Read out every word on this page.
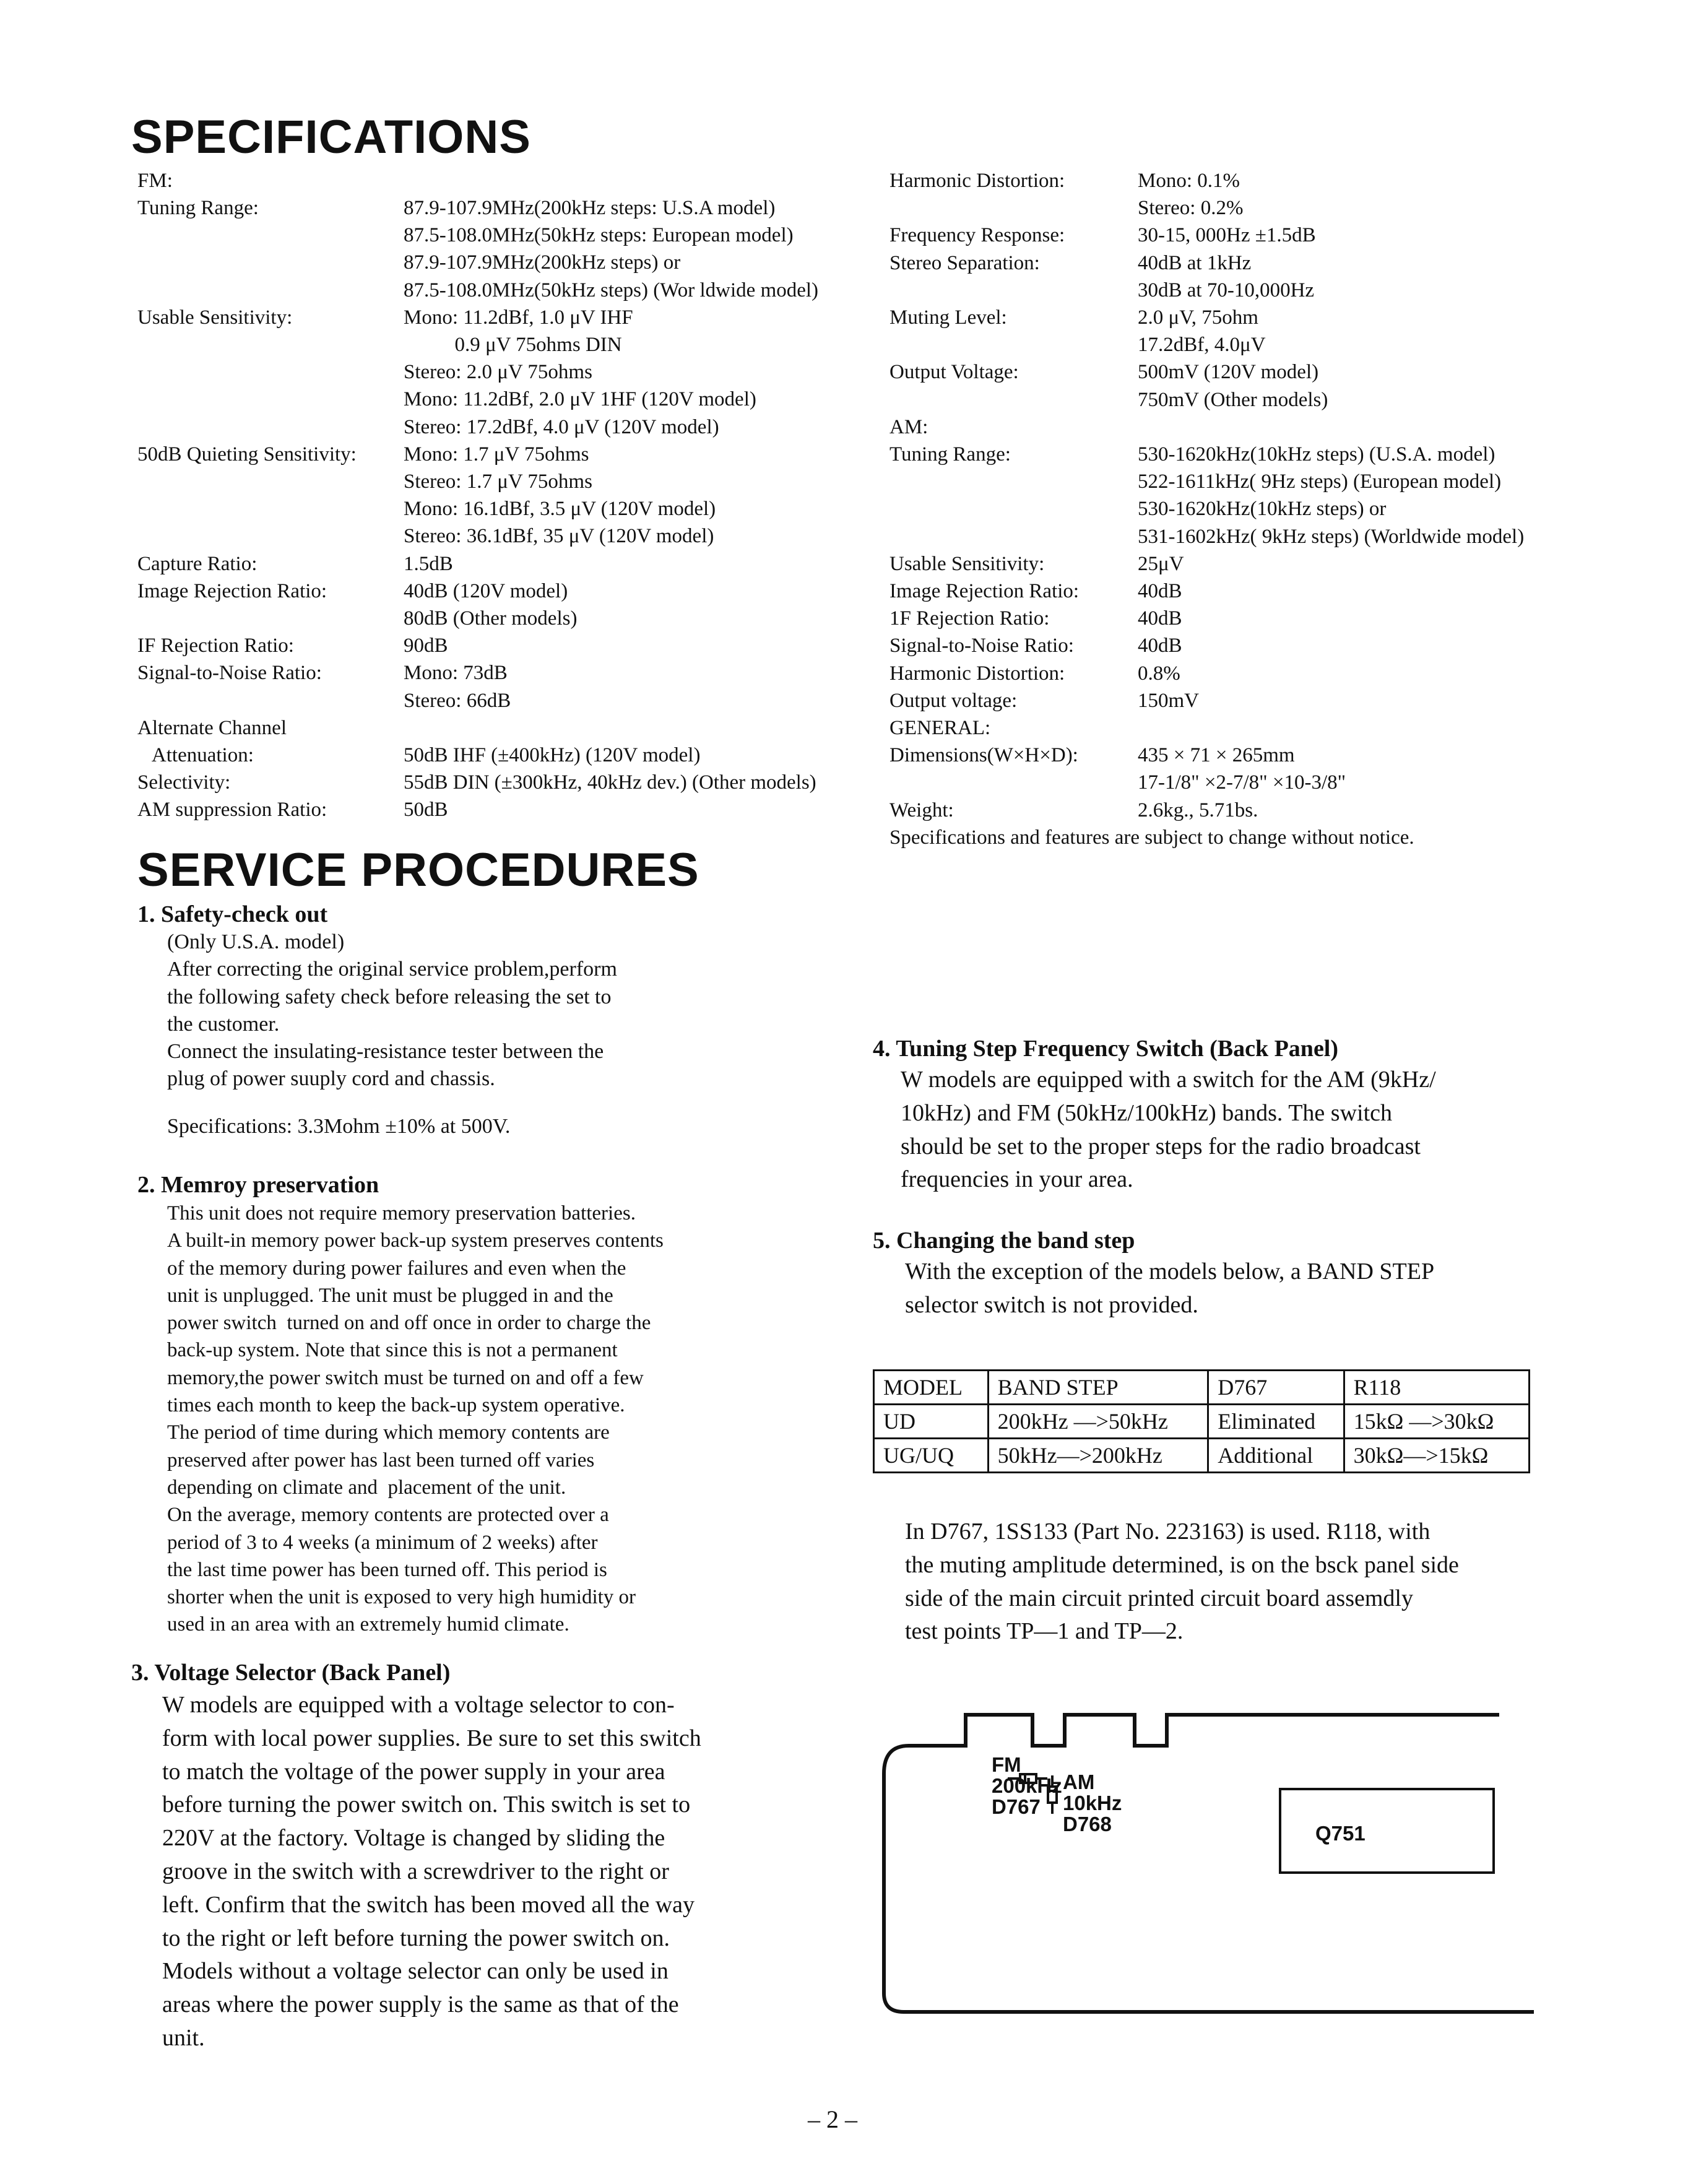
SPECIFICATIONS

FM:

Tuning Range:	87.9-107.9MHz(200kHz steps: U.S.A model)
87.5-108.0MHz(50kHz steps: European model)
87.9-107.9MHz(200kHz steps) or
87.5-108.0MHz(50kHz steps) (Wor ldwide model)
Usable Sensitivity:	Mono: 11.2dBf, 1.0 μV IHF
0.9 μV 75ohms DIN
Stereo: 2.0 μV 75ohms
Mono: 11.2dBf, 2.0 μV 1HF (120V model)
Stereo: 17.2dBf, 4.0 μV (120V model)
50dB Quieting Sensitivity: Mono: 1.7 μV 75ohms
Stereo: 1.7 μV 75ohms
Mono: 16.1dBf, 3.5 μV (120V model)
Stereo: 36.1dBf, 35 μV (120V model)
Capture Ratio:	1.5dB
Image Rejection Ratio:	40dB (120V model)
80dB (Other models)
IF Rejection Ratio:	90dB
Signal-to-Noise Ratio:	Mono: 73dB
Stereo: 66dB
Alternate Channel
Attenuation:	50dB IHF (±400kHz) (120V model)
Selectivity:	55dB DIN (±300kHz, 40kHz dev.) (Other models)
AM suppression Ratio:	50dB

Harmonic Distortion:	Mono: 0.1%
Stereo: 0.2%
Frequency Response:	30-15, 000Hz ±1.5dB
Stereo Separation:	40dB at 1kHz
30dB at 70-10,000Hz
Muting Level:	2.0 μV, 75ohm
17.2dBf, 4.0μV
Output Voltage:	500mV (120V model)
750mV (Other models)
AM:
Tuning Range:	530-1620kHz(10kHz steps) (U.S.A. model)
522-1611kHz( 9Hz steps) (European model)
530-1620kHz(10kHz steps) or
531-1602kHz( 9kHz steps) (Worldwide model)
Usable Sensitivity:	25μV
Image Rejection Ratio:	40dB
1F Rejection Ratio:	40dB
Signal-to-Noise Ratio:	40dB
Harmonic Distortion:	0.8%
Output voltage:	150mV
GENERAL:
Dimensions(W×H×D):	435 × 71 × 265mm
17-1/8" ×2-7/8" ×10-3/8"
Weight:	2.6kg., 5.71bs.

Specifications and features are subject to change without notice.

SERVICE PROCEDURES
1. Safety-check out
(Only U.S.A. model)
After correcting the original service problem,perform
the following safety check before releasing the set to
the customer.
Connect the insulating-resistance tester between the
plug of power suuply cord and chassis.
Specifications: 3.3Mohm ±10% at 500V.
2. Memroy preservation
This unit does not require memory preservation batteries.
A built-in memory power back-up system preserves contents
of the memory during power failures and even when the
unit is unplugged. The unit must be plugged in and the
power switch  turned on and off once in order to charge the
back-up system. Note that since this is not a permanent
memory,the power switch must be turned on and off a few
times each month to keep the back-up system operative.
The period of time during which memory contents are
preserved after power has last been turned off varies
depending on climate and  placement of the unit.
On the average, memory contents are protected over a
period of 3 to 4 weeks (a minimum of 2 weeks) after
the last time power has been turned off. This period is
shorter when the unit is exposed to very high humidity or
used in an area with an extremely humid climate.
3. Voltage Selector (Back Panel)
W models are equipped with a voltage selector to con-
form with local power supplies. Be sure to set this switch
to match the voltage of the power supply in your area
before turning the power switch on. This switch is set to
220V at the factory. Voltage is changed by sliding the
groove in the switch with a screwdriver to the right or
left. Confirm that the switch has been moved all the way
to the right or left before turning the power switch on.
Models without a voltage selector can only be used in
areas where the power supply is the same as that of the
unit.
4. Tuning Step Frequency Switch (Back Panel)
W models are equipped with a switch for the AM (9kHz/
10kHz) and FM (50kHz/100kHz) bands. The switch
should be set to the proper steps for the radio broadcast
frequencies in your area.
5. Changing the band step
With the exception of the models below, a BAND STEP
selector switch is not provided.
MODEL	BAND STEP	D767	R118
UD	200kHz —>50kHz	Eliminated	15kΩ —>30kΩ
UG/UQ	50kHz—>200kHz	Additional	30kΩ—>15kΩ
In D767, 1SS133 (Part No. 223163) is used. R118, with
the muting amplitude determined, is on the bsck panel side
side of the main circuit printed circuit board assemdly
test points TP—1 and TP—2.
FM
200kHz
D767
AM
10kHz
D768	Q751
– 2 –
